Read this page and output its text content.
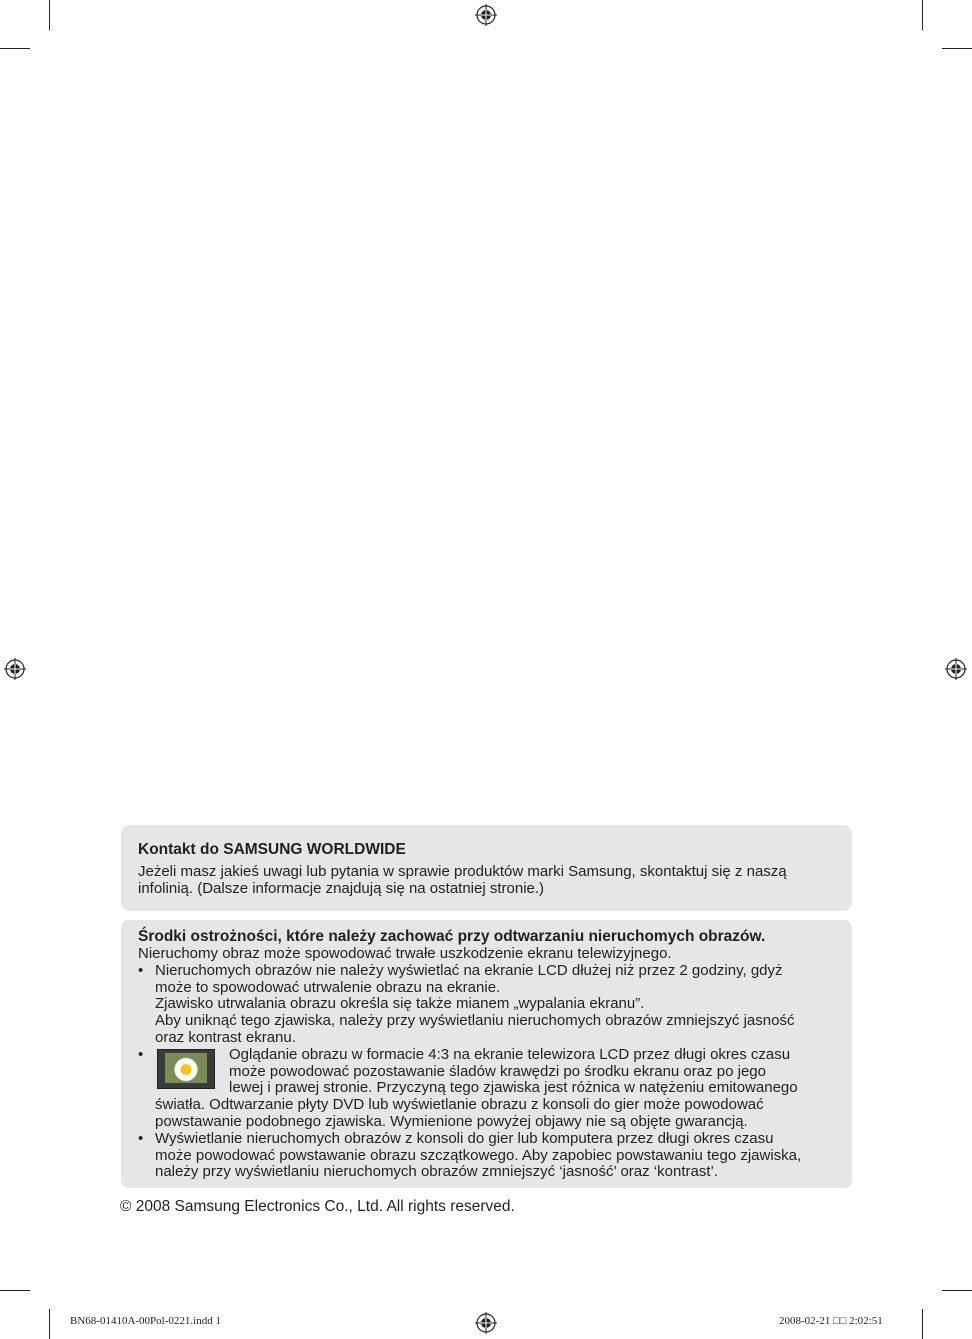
Kontakt do SAMSUNG WORLDWIDE

Jeżeli masz jakieś uwagi lub pytania w sprawie produktów marki Samsung, skontaktuj się z naszą
infolinią. (Dalsze informacje znajdują się na ostatniej stronie.)

Środki ostrożności, które należy zachować przy odtwarzaniu nieruchomych obrazów.

Nieruchomy obraz może spowodować trwałe uszkodzenie ekranu telewizyjnego.

• Nieruchomych obrazów nie należy wyświetlać na ekranie LCD dłużej niż przez 2 godziny, gdyż
może to spowodować utrwalenie obrazu na ekranie.
Zjawisko utrwalania obrazu określa się także mianem „wypalania ekranu”.
Aby uniknąć tego zjawiska, należy przy wyświetlaniu nieruchomych obrazów zmniejszyć jasność
oraz kontrast ekranu.
•	Oglądanie obrazu w formacie 4:3 na ekranie telewizora LCD przez długi okres czasu
może powodować pozostawanie śladów krawędzi po środku ekranu oraz po jego
lewej i prawej stronie. Przyczyną tego zjawiska jest różnica w natężeniu emitowanego
światła. Odtwarzanie płyty DVD lub wyświetlanie obrazu z konsoli do gier może powodować
powstawanie podobnego zjawiska. Wymienione powyżej objawy nie są objęte gwarancją.
• Wyświetlanie nieruchomych obrazów z konsoli do gier lub komputera przez długi okres czasu
może powodować powstawanie obrazu szczątkowego. Aby zapobiec powstawaniu tego zjawiska,
należy przy wyświetlaniu nieruchomych obrazów zmniejszyć ‘jasność’ oraz ‘kontrast’.
© 2008 Samsung Electronics Co., Ltd. All rights reserved.
BN68-01410A-00Pol-0221.indd 1	2008-02-21 □□ 2:02:51
